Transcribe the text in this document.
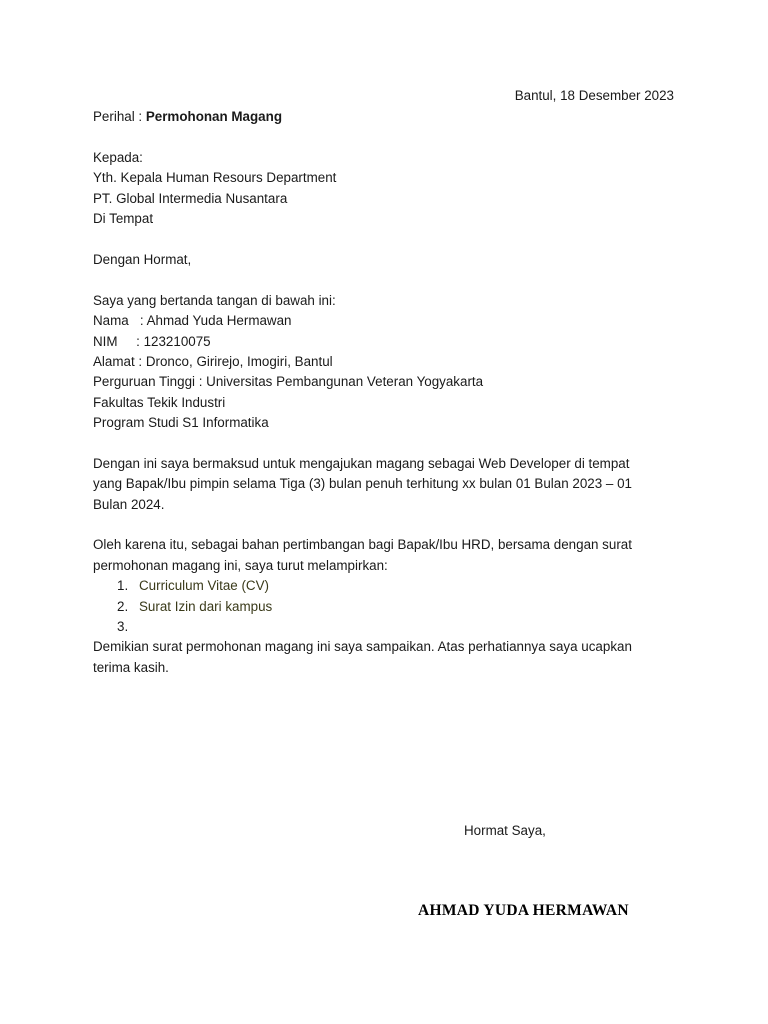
Bantul, 18 Desember 2023
Perihal : Permohonan Magang
Kepada:
Yth. Kepala Human Resours Department
PT. Global Intermedia Nusantara
Di Tempat
Dengan Hormat,
Saya yang bertanda tangan di bawah ini:
Nama   : Ahmad Yuda Hermawan
NIM     : 123210075
Alamat : Dronco, Girirejo, Imogiri, Bantul
Perguruan Tinggi : Universitas Pembangunan Veteran Yogyakarta
Fakultas Tekik Industri
Program Studi S1 Informatika
Dengan ini saya bermaksud untuk mengajukan magang sebagai Web Developer di tempat
yang Bapak/Ibu pimpin selama Tiga (3) bulan penuh terhitung xx bulan 01 Bulan 2023 – 01
Bulan 2024.
Oleh karena itu, sebagai bahan pertimbangan bagi Bapak/Ibu HRD, bersama dengan surat
permohonan magang ini, saya turut melampirkan:
1. Curriculum Vitae (CV)
2. Surat Izin dari kampus
3.
Demikian surat permohonan magang ini saya sampaikan. Atas perhatiannya saya ucapkan
terima kasih.
Hormat Saya,
AHMAD YUDA HERMAWAN
